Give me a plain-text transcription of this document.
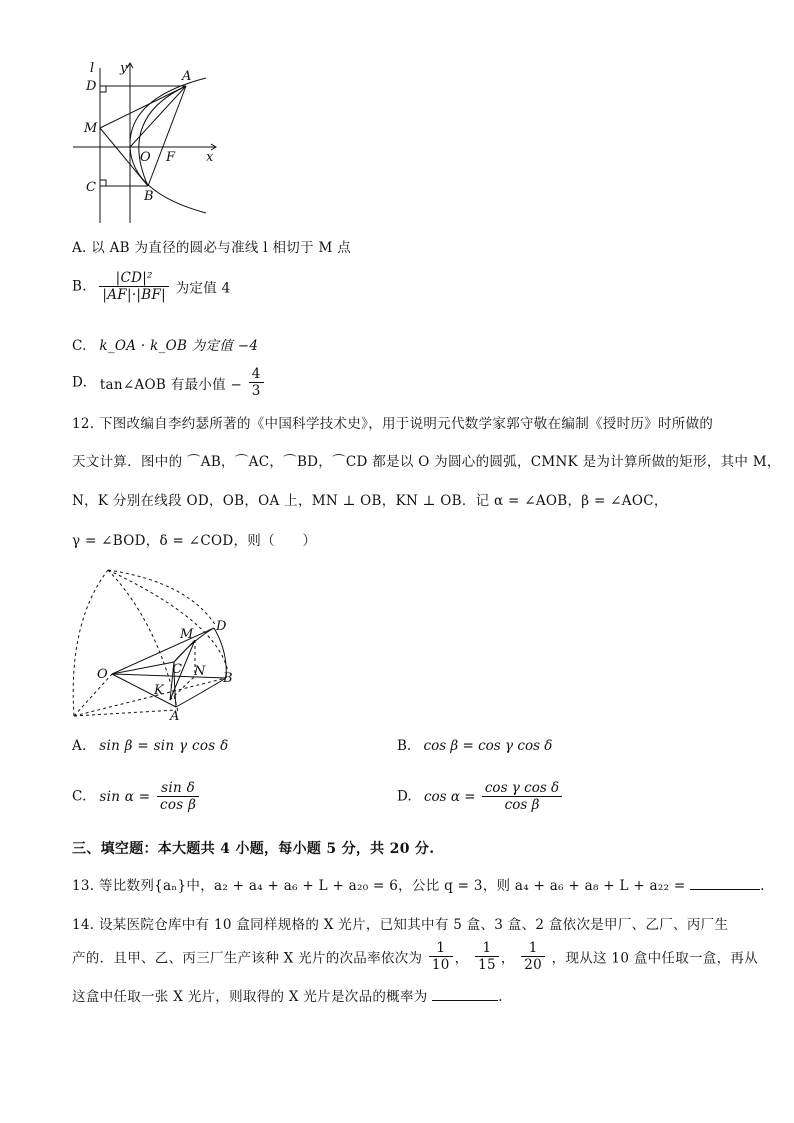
l y
D
A
M
O F x
C
B
A. 以 AB 为直径的圆必与准线 l 相切于 M 点
B. $\frac{\text{|CD|²}}{|AF|\cdot|BF|}$ 为定值 4
C. k_OA · k_OB 为定值 −4
D. tan∠AOB 有最小值 − $\frac{4}{3}$
12. 下图改编自李约瑟所著的《中国科学技术史》，用于说明元代数学家郭守敬在编制《授时历》时所做的
天文计算．图中的 ⌒AB，⌒AC，⌒BD，⌒CD 都是以 O 为圆心的圆弧，CMNK 是为计算所做的矩形，其中 M，
N，K 分别在线段 OD，OB，OA 上，MN ⊥ OB，KN ⊥ OB．记 α = ∠AOB，β = ∠AOC，
γ = ∠BOD，δ = ∠COD，则（　　）
M
D
C N
O	B
K
A
A. sin β = sin γ cos δ	B. cos β = cos γ cos δ
C. $\sin \alpha = \frac{\text{sin δ}}{\text{cos β}}$	D. $\cos \alpha = \frac{\text{cos γ cos δ}}{\text{cos β}}$
三、填空题：本大题共 4 小题，每小题 5 分，共 20 分.
13. 等比数列{aₙ}中，a₂ + a₄ + a₆ + L + a₂₀ = 6，公比 q = 3，则 a₄ + a₆ + a₈ + L + a₂₂ =	.
14. 设某医院仓库中有 10 盒同样规格的 X 光片，已知其中有 5 盒、3 盒、2 盒依次是甲厂、乙厂、丙厂生
产的．且甲、乙、丙三厂生产该种 X 光片的次品率依次为 $\frac{1}{10}$ ， $\frac{1}{15}$ ， $\frac{1}{20}$ ，现从这 10 盒中任取一盒，再从
这盒中任取一张 X 光片，则取得的 X 光片是次品的概率为	.
